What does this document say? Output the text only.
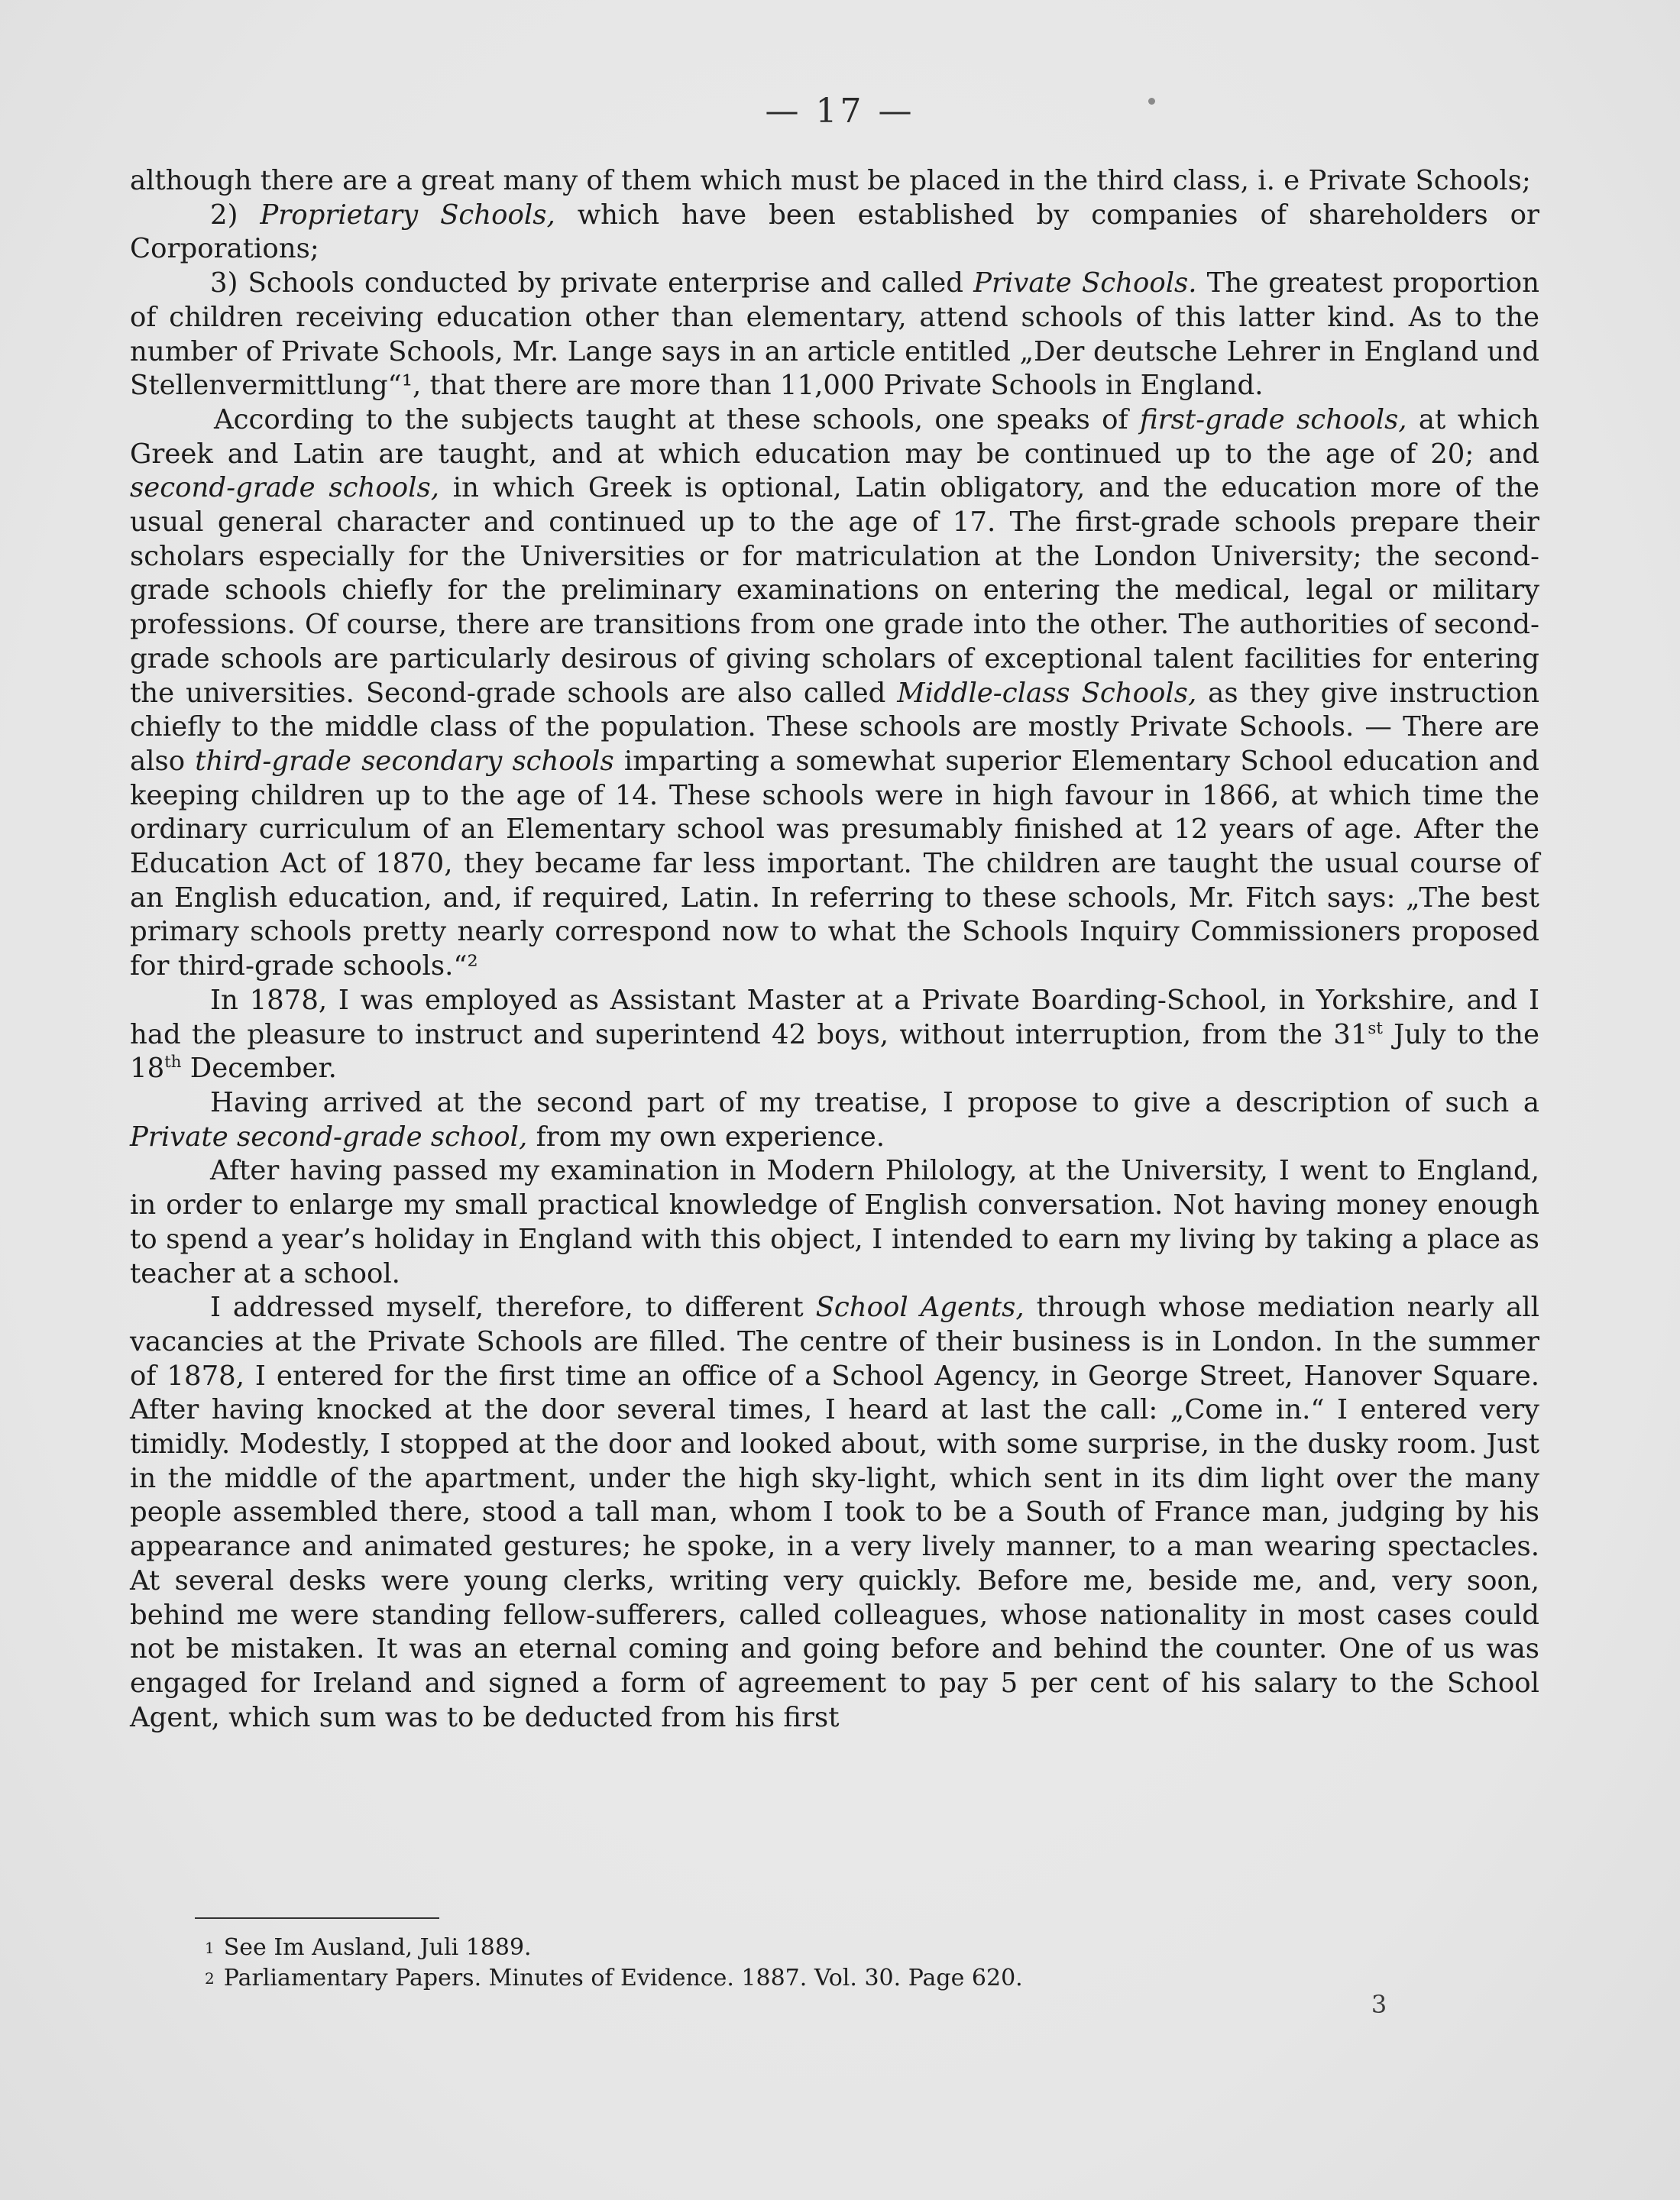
— 17 —

although there are a great many of them which must be placed in the third class, i. e Private Schools;

2) Proprietary Schools, which have been established by companies of shareholders or Corporations;

3) Schools conducted by private enterprise and called Private Schools. The greatest proportion of children receiving education other than elementary, attend schools of this latter kind. As to the number of Private Schools, Mr. Lange says in an article entitled „Der deutsche Lehrer in England und Stellenvermittlung“¹, that there are more than 11,000 Private Schools in England.

According to the subjects taught at these schools, one speaks of first-grade schools, at which Greek and Latin are taught, and at which education may be continued up to the age of 20; and second-grade schools, in which Greek is optional, Latin obligatory, and the education more of the usual general character and continued up to the age of 17. The first-grade schools prepare their scholars especially for the Universities or for matriculation at the London University; the second-grade schools chiefly for the preliminary examinations on entering the medical, legal or military professions. Of course, there are transitions from one grade into the other. The authorities of second-grade schools are particularly desirous of giving scholars of exceptional talent facilities for entering the universities. Second-grade schools are also called Middle-class Schools, as they give instruction chiefly to the middle class of the population. These schools are mostly Private Schools. — There are also third-grade secondary schools imparting a somewhat superior Elementary School education and keeping children up to the age of 14. These schools were in high favour in 1866, at which time the ordinary curriculum of an Elementary school was presumably finished at 12 years of age. After the Education Act of 1870, they became far less important. The children are taught the usual course of an English education, and, if required, Latin. In referring to these schools, Mr. Fitch says: „The best primary schools pretty nearly correspond now to what the Schools Inquiry Commissioners proposed for third-grade schools.“²

In 1878, I was employed as Assistant Master at a Private Boarding-School, in Yorkshire, and I had the pleasure to instruct and superintend 42 boys, without interruption, from the 31st July to the 18th December.

Having arrived at the second part of my treatise, I propose to give a description of such a Private second-grade school, from my own experience.

After having passed my examination in Modern Philology, at the University, I went to England, in order to enlarge my small practical knowledge of English conversation. Not having money enough to spend a year’s holiday in England with this object, I intended to earn my living by taking a place as teacher at a school.

I addressed myself, therefore, to different School Agents, through whose mediation nearly all vacancies at the Private Schools are filled. The centre of their business is in London. In the summer of 1878, I entered for the first time an office of a School Agency, in George Street, Hanover Square. After having knocked at the door several times, I heard at last the call: „Come in.“ I entered very timidly. Modestly, I stopped at the door and looked about, with some surprise, in the dusky room. Just in the middle of the apartment, under the high sky-light, which sent in its dim light over the many people assembled there, stood a tall man, whom I took to be a South of France man, judging by his appearance and animated gestures; he spoke, in a very lively manner, to a man wearing spectacles. At several desks were young clerks, writing very quickly. Before me, beside me, and, very soon, behind me were standing fellow-sufferers, called colleagues, whose nationality in most cases could not be mistaken. It was an eternal coming and going before and behind the counter. One of us was engaged for Ireland and signed a form of agreement to pay 5 per cent of his salary to the School Agent, which sum was to be deducted from his first

$^1$ See Im Ausland, Juli 1889.
$^2$ Parliamentary Papers. Minutes of Evidence. 1887. Vol. 30. Page 620.
3
